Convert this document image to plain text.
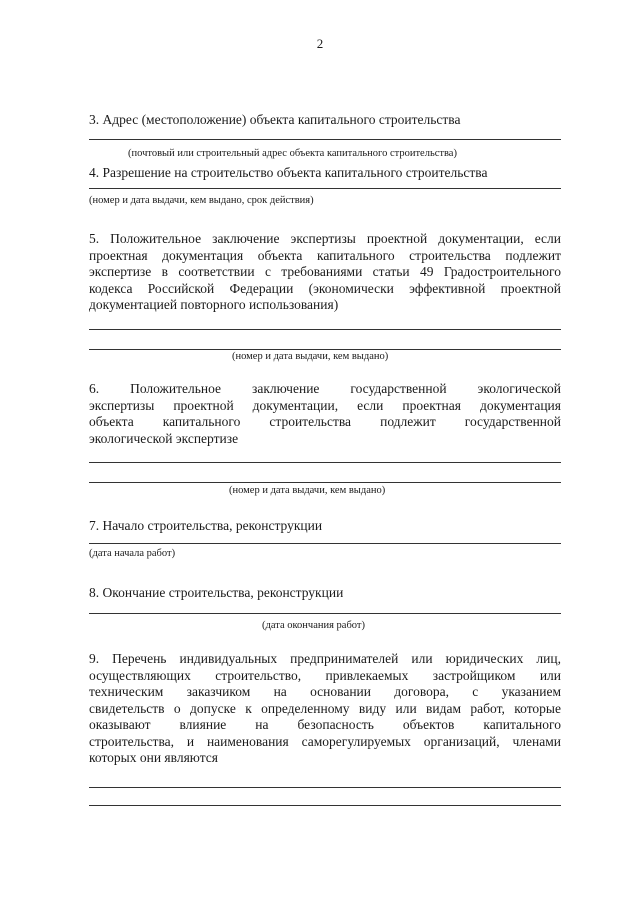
2
3. Адрес (местоположение) объекта капитального строительства
(почтовый или строительный адрес объекта капитального строительства)
4. Разрешение на строительство объекта капитального строительства
(номер и дата выдачи, кем выдано, срок действия)
5. Положительное заключение экспертизы проектной документации, если
проектная документация объекта капитального строительства подлежит
экспертизе в соответствии с требованиями статьи 49 Градостроительного
кодекса Российской Федерации (экономически эффективной проектной
документацией повторного использования)
(номер и дата выдачи, кем выдано)
6. Положительное заключение государственной экологической
экспертизы проектной документации, если проектная документация
объекта капитального строительства подлежит государственной
экологической экспертизе
(номер и дата выдачи, кем выдано)
7. Начало строительства, реконструкции
(дата начала работ)
8. Окончание строительства, реконструкции
(дата окончания работ)
9. Перечень индивидуальных предпринимателей или юридических лиц,
осуществляющих строительство, привлекаемых застройщиком или
техническим заказчиком на основании договора, с указанием
свидетельств о допуске к определенному виду или видам работ, которые
оказывают влияние на безопасность объектов капитального
строительства, и наименования саморегулируемых организаций, членами
которых они являются
